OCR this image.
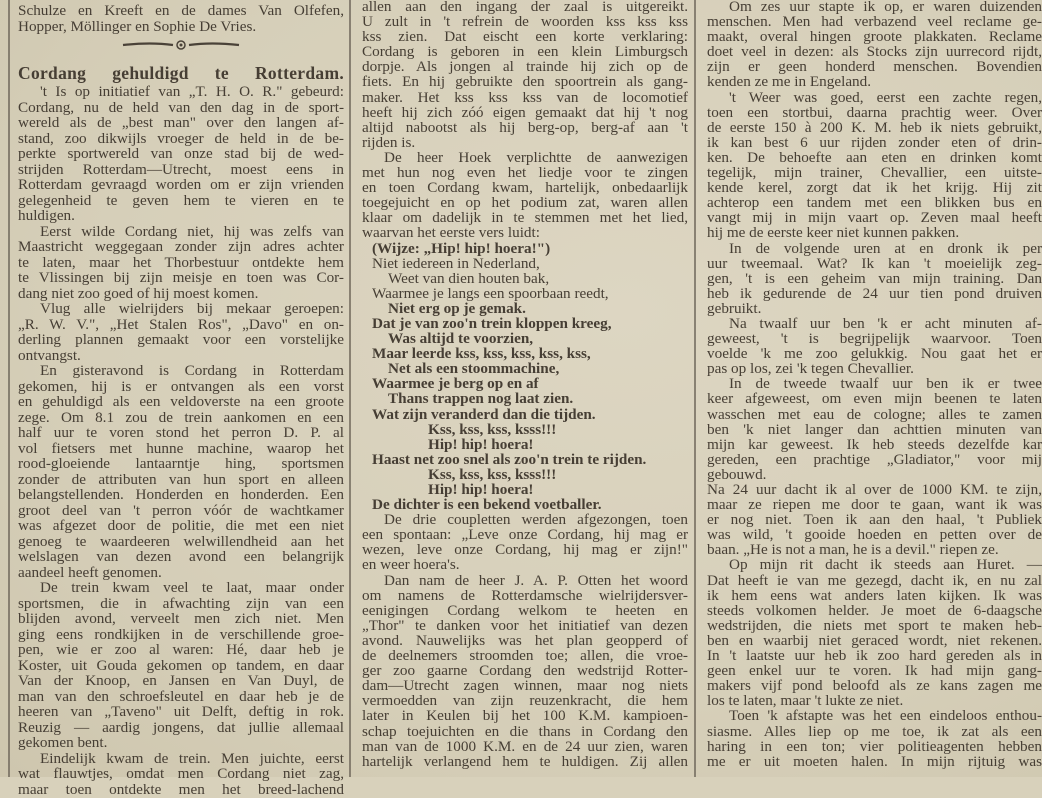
Schulze en Kreeft en de dames Van Olfefen,
Hopper, Möllinger en Sophie De Vries.
Cordang gehuldigd te Rotterdam.
't Is op initiatief van „T. H. O. R." gebeurd:
Cordang, nu de held van den dag in de sport-
wereld als de „best man" over den langen af-
stand, zoo dikwijls vroeger de held in de be-
perkte sportwereld van onze stad bij de wed-
strijden Rotterdam—Utrecht, moest eens in
Rotterdam gevraagd worden om er zijn vrienden
gelegenheid te geven hem te vieren en te
huldigen.
Eerst wilde Cordang niet, hij was zelfs van
Maastricht weggegaan zonder zijn adres achter
te laten, maar het Thorbestuur ontdekte hem
te Vlissingen bij zijn meisje en toen was Cor-
dang niet zoo goed of hij moest komen.
Vlug alle wielrijders bij mekaar geroepen:
„R. W. V.", „Het Stalen Ros", „Davo" en on-
derling plannen gemaakt voor een vorstelijke
ontvangst.
En gisteravond is Cordang in Rotterdam
gekomen, hij is er ontvangen als een vorst
en gehuldigd als een veldoverste na een groote
zege. Om 8.1 zou de trein aankomen en een
half uur te voren stond het perron D. P. al
vol fietsers met hunne machine, waarop het
rood-gloeiende lantaarntje hing, sportsmen
zonder de attributen van hun sport en alleen
belangstellenden. Honderden en honderden. Een
groot deel van 't perron vóór de wachtkamer
was afgezet door de politie, die met een niet
genoeg te waardeeren welwillendheid aan het
welslagen van dezen avond een belangrijk
aandeel heeft genomen.
De trein kwam veel te laat, maar onder
sportsmen, die in afwachting zijn van een
blijden avond, verveelt men zich niet. Men
ging eens rondkijken in de verschillende groe-
pen, wie er zoo al waren: Hé, daar heb je
Koster, uit Gouda gekomen op tandem, en daar
Van der Knoop, en Jansen en Van Duyl, de
man van den schroefsleutel en daar heb je de
heeren van „Taveno" uit Delft, deftig in rok.
Reuzig — aardig jongens, dat jullie allemaal
gekomen bent.
Eindelijk kwam de trein. Men juichte, eerst
wat flauwtjes, omdat men Cordang niet zag,
maar toen ontdekte men het breed-lachend
allen aan den ingang der zaal is uitgereikt.
U zult in 't refrein de woorden kss kss kss
kss zien. Dat eischt een korte verklaring:
Cordang is geboren in een klein Limburgsch
dorpje. Als jongen al trainde hij zich op de
fiets. En hij gebruikte den spoortrein als gang-
maker. Het kss kss kss van de locomotief
heeft hij zich zóó eigen gemaakt dat hij 't nog
altijd nabootst als hij berg-op, berg-af aan 't
rijden is.
De heer Hoek verplichtte de aanwezigen
met hun nog even het liedje voor te zingen
en toen Cordang kwam, hartelijk, onbedaarlijk
toegejuicht en op het podium zat, waren allen
klaar om dadelijk in te stemmen met het lied,
waarvan het eerste vers luidt:
(Wijze: „Hip! hip! hoera!")
Niet iedereen in Nederland,
Weet van dien houten bak,
Waarmee je langs een spoorbaan reedt,
Niet erg op je gemak.
Dat je van zoo'n trein kloppen kreeg,
Was altijd te voorzien,
Maar leerde kss, kss, kss, kss, kss,
Net als een stoommachine,
Waarmee je berg op en af
Thans trappen nog laat zien.
Wat zijn veranderd dan die tijden.
Kss, kss, kss, ksss!!!
Hip! hip! hoera!
Haast net zoo snel als zoo'n trein te rijden.
Kss, kss, kss, ksss!!!
Hip! hip! hoera!
De dichter is een bekend voetballer.
De drie coupletten werden afgezongen, toen
een spontaan: „Leve onze Cordang, hij mag er
wezen, leve onze Cordang, hij mag er zijn!"
en weer hoera's.
Dan nam de heer J. A. P. Otten het woord
om namens de Rotterdamsche wielrijdersver-
eenigingen Cordang welkom te heeten en
„Thor" te danken voor het initiatief van dezen
avond. Nauwelijks was het plan geopperd of
de deelnemers stroomden toe; allen, die vroe-
ger zoo gaarne Cordang den wedstrijd Rotter-
dam—Utrecht zagen winnen, maar nog niets
vermoedden van zijn reuzenkracht, die hem
later in Keulen bij het 100 K.M. kampioen-
schap toejuichten en die thans in Cordang den
man van de 1000 K.M. en de 24 uur zien, waren
hartelijk verlangend hem te huldigen. Zij allen
Om zes uur stapte ik op, er waren duizenden
menschen. Men had verbazend veel reclame ge-
maakt, overal hingen groote plakkaten. Reclame
doet veel in dezen: als Stocks zijn uurrecord rijdt,
zijn er geen honderd menschen. Bovendien
kenden ze me in Engeland.
't Weer was goed, eerst een zachte regen,
toen een stortbui, daarna prachtig weer. Over
de eerste 150 à 200 K. M. heb ik niets gebruikt,
ik kan best 6 uur rijden zonder eten of drin-
ken. De behoefte aan eten en drinken komt
tegelijk, mijn trainer, Chevallier, een uitste-
kende kerel, zorgt dat ik het krijg. Hij zit
achterop een tandem met een blikken bus en
vangt mij in mijn vaart op. Zeven maal heeft
hij me de eerste keer niet kunnen pakken.
In de volgende uren at en dronk ik per
uur tweemaal. Wat? Ik kan 't moeielijk zeg-
gen, 't is een geheim van mijn training. Dan
heb ik gedurende de 24 uur tien pond druiven
gebruikt.
Na twaalf uur ben 'k er acht minuten af-
geweest, 't is begrijpelijk waarvoor. Toen
voelde 'k me zoo gelukkig. Nou gaat het er
pas op los, zei 'k tegen Chevallier.
In de tweede twaalf uur ben ik er twee
keer afgeweest, om even mijn beenen te laten
wasschen met eau de cologne; alles te zamen
ben 'k niet langer dan achttien minuten van
mijn kar geweest. Ik heb steeds dezelfde kar
gereden, een prachtige „Gladiator," voor mij
gebouwd.
Na 24 uur dacht ik al over de 1000 KM. te zijn,
maar ze riepen me door te gaan, want ik was
er nog niet. Toen ik aan den haal, 't Publiek
was wild, 't gooide hoeden en petten over de
baan. „He is not a man, he is a devil." riepen ze.
Op mijn rit dacht ik steeds aan Huret. —
Dat heeft ie van me gezegd, dacht ik, en nu zal
ik hem eens wat anders laten kijken. Ik was
steeds volkomen helder. Je moet de 6-daagsche
wedstrijden, die niets met sport te maken heb-
ben en waarbij niet geraced wordt, niet rekenen.
In 't laatste uur heb ik zoo hard gereden als in
geen enkel uur te voren. Ik had mijn gang-
makers vijf pond beloofd als ze kans zagen me
los te laten, maar 't lukte ze niet.
Toen 'k afstapte was het een eindeloos enthou-
siasme. Alles liep op me toe, ik zat als een
haring in een ton; vier politieagenten hebben
me er uit moeten halen. In mijn rijtuig was
